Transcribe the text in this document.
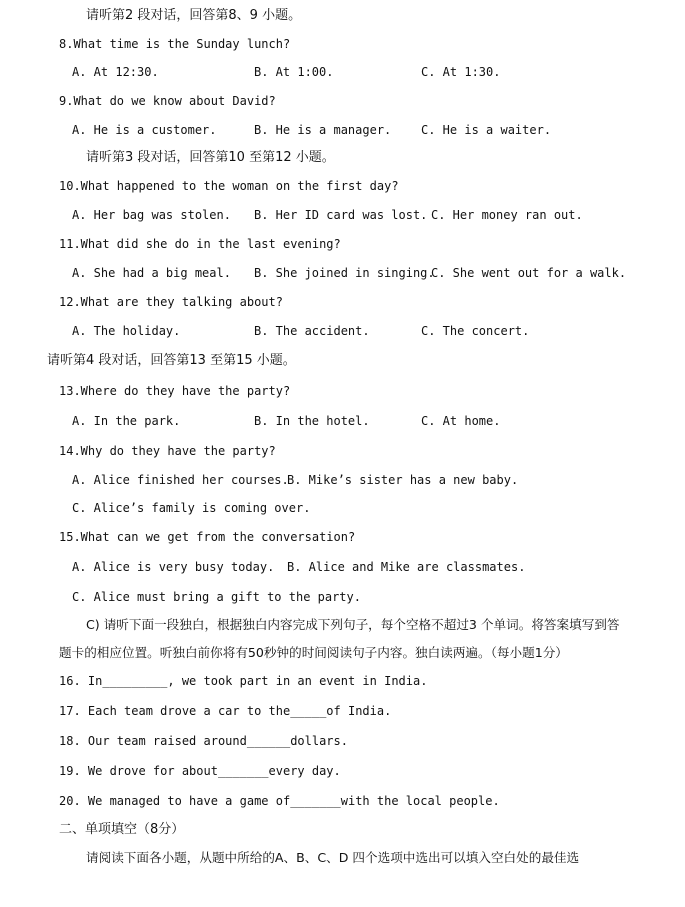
请听第2 段对话，回答第8、9 小题。
8.What time is the Sunday lunch?
A. At 12:30.	B. At 1:00.	C. At 1:30.
9.What do we know about David?
A. He is a customer.	B. He is a manager. C. He is a waiter.
请听第3 段对话，回答第10 至第12 小题。
10.What happened to the woman on the first day?
A. Her bag was stolen. B. Her ID card was lost. C. Her money ran out.
11.What did she do in the last evening?
A. She had a big meal. B. She joined in singing.
C. She went out for a walk.
12.What are they talking about?
A. The holiday.	B. The accident.	C. The concert.
请听第4 段对话，回答第13 至第15 小题。
13.Where do they have the party?
A. In the park.	B. In the hotel.	C. At home.
14.Why do they have the party?
A. Alice finished her courses.
B. Mike’s sister has a new baby.
C. Alice’s family is coming over.
15.What can we get from the conversation?
A. Alice is very busy today. B. Alice and Mike are classmates.
C. Alice must bring a gift to the party.
C) 请听下面一段独白，根据独白内容完成下列句子，每个空格不超过3 个单词。将答案填写到答
题卡的相应位置。听独白前你将有50秒钟的时间阅读句子内容。独白读两遍。（每小题1分）
16. In_________, we took part in an event in India.
17. Each team drove a car to the_____of India.
18. Our team raised around______dollars.
19. We drove for about_______every day.
20. We managed to have a game of_______with the local people.
二、单项填空（8分）
请阅读下面各小题，从题中所给的A、B、C、D 四个选项中选出可以填入空白处的最佳选
